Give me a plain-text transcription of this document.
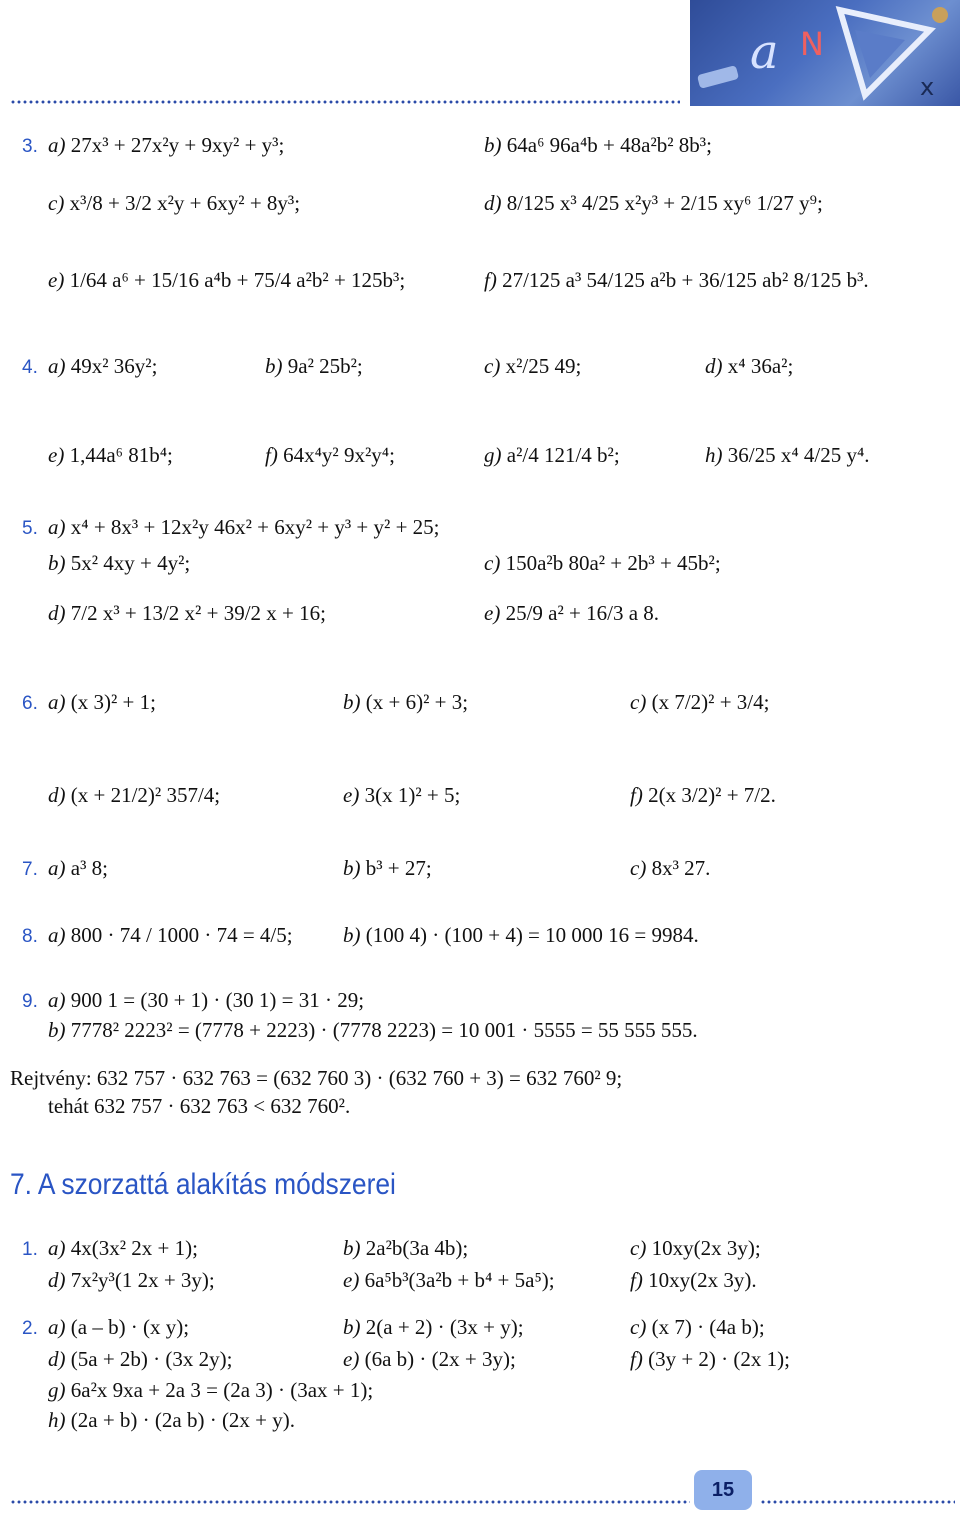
a N
x
3. a) 27x³ + 27x²y + 9xy² + y³;	b) 64a⁶ 96a⁴b + 48a²b² 8b³;
c) x³/8 + 3/2 x²y + 6xy² + 8y³;	d) 8/125 x³ 4/25 x²y³ + 2/15 xy⁶ 1/27 y⁹;
e) 1/64 a⁶ + 15/16 a⁴b + 75/4 a²b² + 125b³;	f) 27/125 a³ 54/125 a²b + 36/125 ab² 8/125 b³.
4. a) 49x² 36y²;	b) 9a² 25b²;	c) x²/25 49;	d) x⁴ 36a²;
e) 1,44a⁶ 81b⁴;	f) 64x⁴y² 9x²y⁴;	g) a²/4 121/4 b²;	h) 36/25 x⁴ 4/25 y⁴.
5. a) x⁴ + 8x³ + 12x²y 46x² + 6xy² + y³ + y² + 25;
b) 5x² 4xy + 4y²;	c) 150a²b 80a² + 2b³ + 45b²;
d) 7/2 x³ + 13/2 x² + 39/2 x + 16;	e) 25/9 a² + 16/3 a 8.
6. a) (x 3)² + 1;	b) (x + 6)² + 3;	c) (x 7/2)² + 3/4;
d) (x + 21/2)² 357/4;	e) 3(x 1)² + 5;	f) 2(x 3/2)² + 7/2.
7. a) a³ 8;	b) b³ + 27;	c) 8x³ 27.
8. a) 800 · 74 / 1000 · 74 = 4/5; b) (100 4) · (100 + 4) = 10 000 16 = 9984.
9. a) 900 1 = (30 + 1) · (30 1) = 31 · 29;
b) 7778² 2223² = (7778 + 2223) · (7778 2223) = 10 001 · 5555 = 55 555 555.
Rejtvény: 632 757 · 632 763 = (632 760 3) · (632 760 + 3) = 632 760² 9;
tehát 632 757 · 632 763 < 632 760².
7. A szorzattá alakítás módszerei
1. a) 4x(3x² 2x + 1);	b) 2a²b(3a 4b);	c) 10xy(2x 3y);
d) 7x²y³(1 2x + 3y);	e) 6a⁵b³(3a²b + b⁴ + 5a⁵);	f) 10xy(2x 3y).
2. a) (a – b) · (x y);	b) 2(a + 2) · (3x + y);	c) (x 7) · (4a b);
d) (5a + 2b) · (3x 2y);	e) (6a b) · (2x + 3y);	f) (3y + 2) · (2x 1);
g) 6a²x 9xa + 2a 3 = (2a 3) · (3ax + 1);
h) (2a + b) · (2a b) · (2x + y).
15
